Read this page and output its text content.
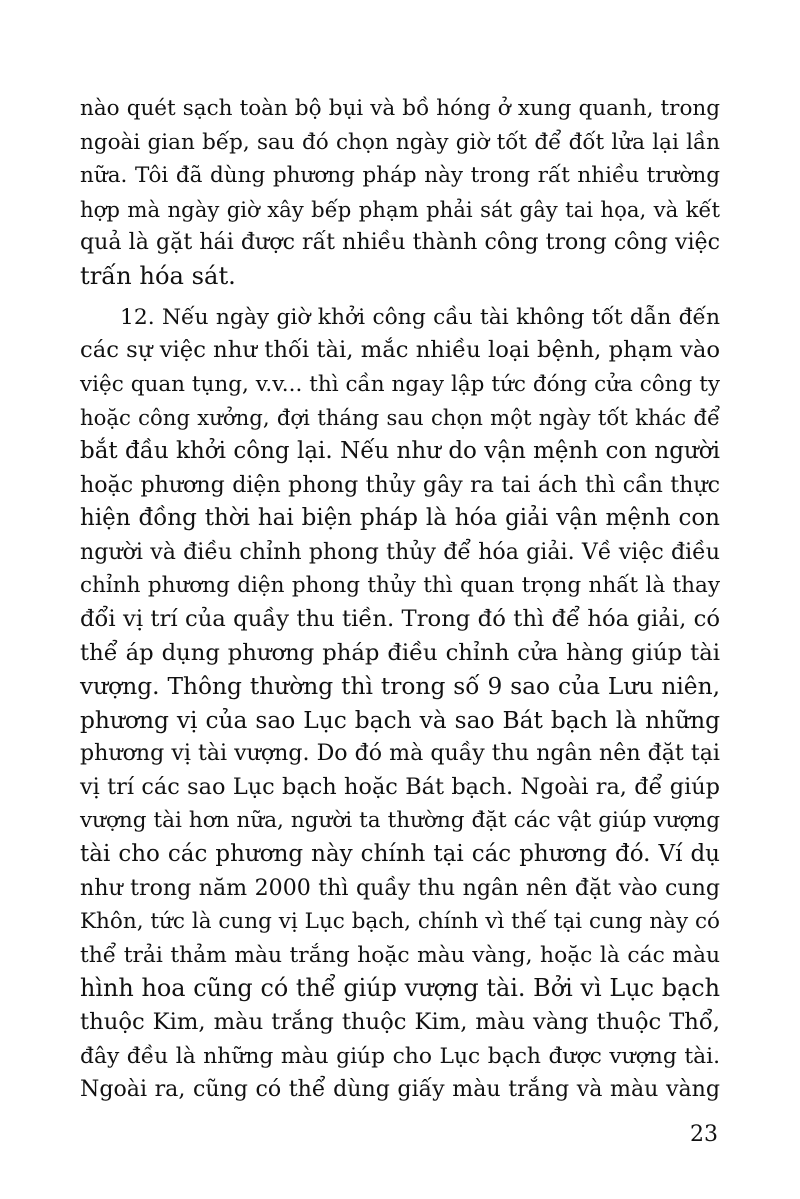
nào quét sạch toàn bộ bụi và bồ hóng ở xung quanh, trong
ngoài gian bếp, sau đó chọn ngày giờ tốt để đốt lửa lại lần
nữa. Tôi đã dùng phương pháp này trong rất nhiều trường
hợp mà ngày giờ xây bếp phạm phải sát gây tai họa, và kết
quả là gặt hái được rất nhiều thành công trong công việc
trấn hóa sát.
12. Nếu ngày giờ khởi công cầu tài không tốt dẫn đến
các sự việc như thối tài, mắc nhiều loại bệnh, phạm vào
việc quan tụng, v.v... thì cần ngay lập tức đóng cửa công ty
hoặc công xưởng, đợi tháng sau chọn một ngày tốt khác để
bắt đầu khởi công lại. Nếu như do vận mệnh con người
hoặc phương diện phong thủy gây ra tai ách thì cần thực
hiện đồng thời hai biện pháp là hóa giải vận mệnh con
người và điều chỉnh phong thủy để hóa giải. Về việc điều
chỉnh phương diện phong thủy thì quan trọng nhất là thay
đổi vị trí của quầy thu tiền. Trong đó thì để hóa giải, có
thể áp dụng phương pháp điều chỉnh cửa hàng giúp tài
vượng. Thông thường thì trong số 9 sao của Lưu niên,
phương vị của sao Lục bạch và sao Bát bạch là những
phương vị tài vượng. Do đó mà quầy thu ngân nên đặt tại
vị trí các sao Lục bạch hoặc Bát bạch. Ngoài ra, để giúp
vượng tài hơn nữa, người ta thường đặt các vật giúp vượng
tài cho các phương này chính tại các phương đó. Ví dụ
như trong năm 2000 thì quầy thu ngân nên đặt vào cung
Khôn, tức là cung vị Lục bạch, chính vì thế tại cung này có
thể trải thảm màu trắng hoặc màu vàng, hoặc là các màu
hình hoa cũng có thể giúp vượng tài. Bởi vì Lục bạch
thuộc Kim, màu trắng thuộc Kim, màu vàng thuộc Thổ,
đây đều là những màu giúp cho Lục bạch được vượng tài.
Ngoài ra, cũng có thể dùng giấy màu trắng và màu vàng
23
